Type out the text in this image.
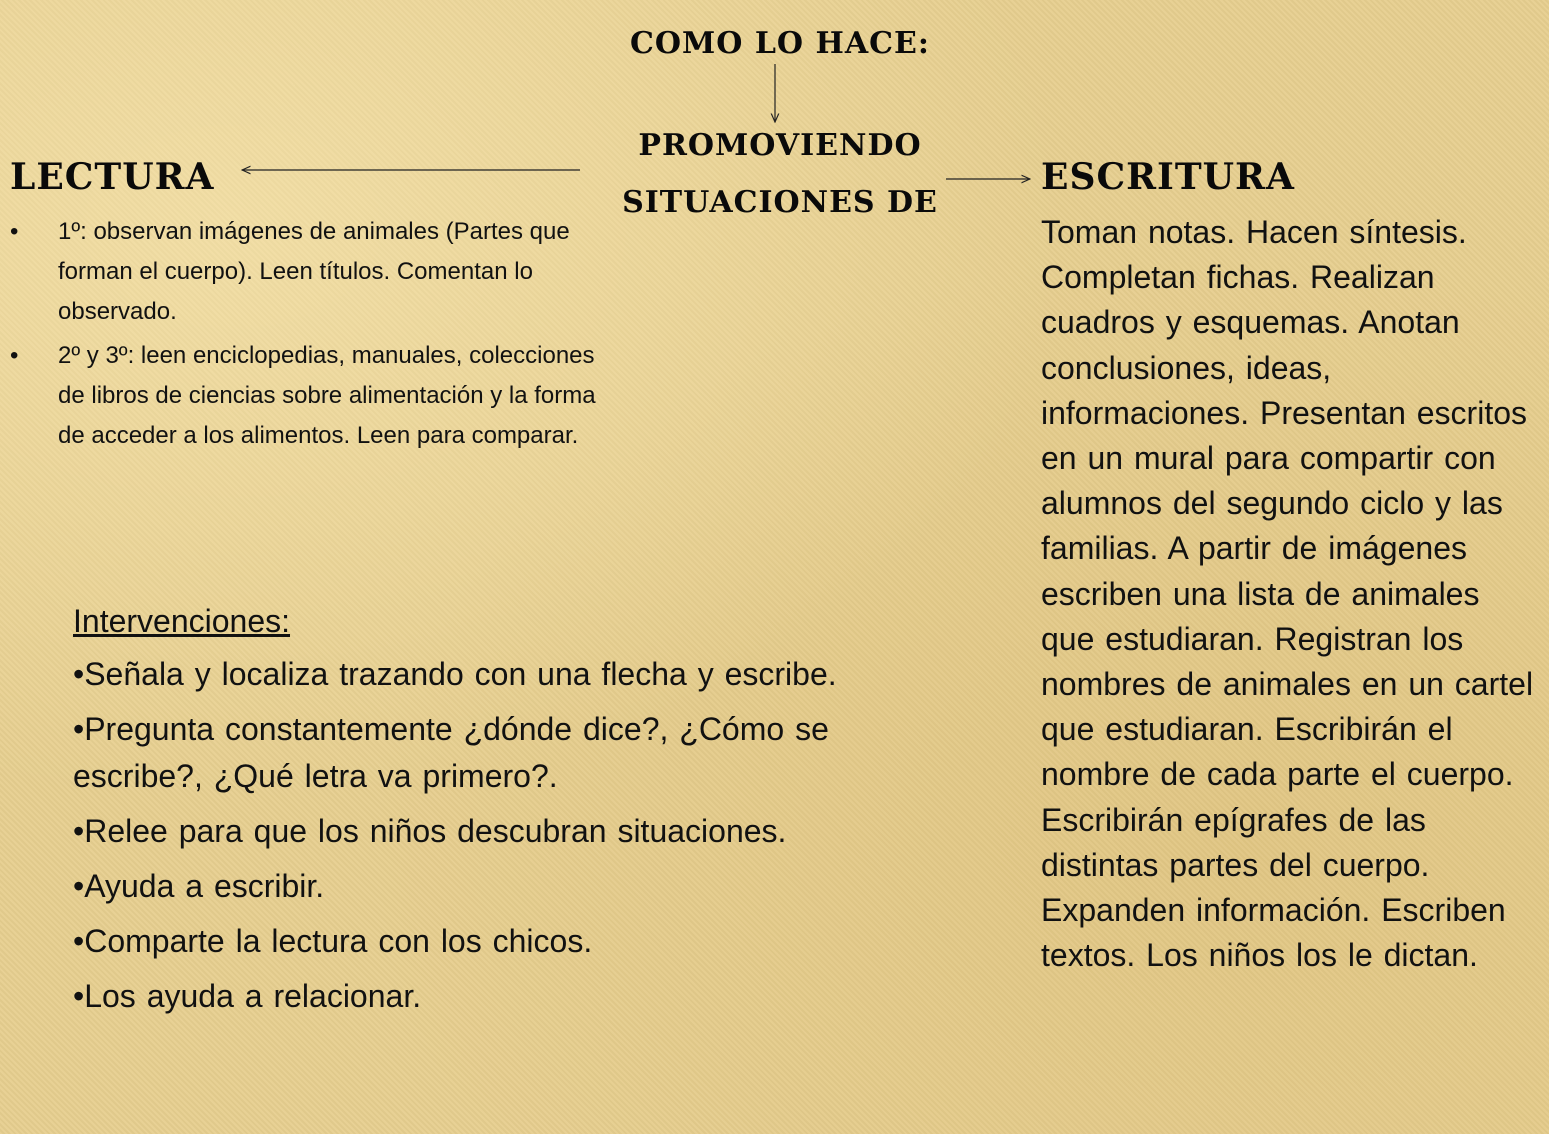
COMO LO HACE:
PROMOVIENDO
SITUACIONES DE
LECTURA
• 1º: observan imágenes de animales (Partes que forman el cuerpo). Leen títulos. Comentan lo observado.
• 2º y 3º: leen enciclopedias, manuales, colecciones de libros de ciencias sobre alimentación y la forma de acceder a los alimentos. Leen para comparar.
ESCRITURA
Toman notas. Hacen síntesis. Completan fichas. Realizan cuadros y esquemas. Anotan conclusiones, ideas, informaciones. Presentan escritos en un mural para compartir con alumnos del segundo ciclo y las familias. A partir de imágenes escriben una lista de animales que estudiaran. Registran los nombres de animales en un cartel que estudiaran. Escribirán el nombre de cada parte el cuerpo. Escribirán epígrafes de las distintas partes del cuerpo. Expanden información. Escriben textos. Los niños los le dictan.
Intervenciones:
•Señala y localiza trazando con una flecha y escribe.
•Pregunta constantemente ¿dónde dice?, ¿Cómo se escribe?, ¿Qué letra va primero?.
•Relee para que los niños descubran situaciones.
•Ayuda a escribir.
•Comparte la lectura con los chicos.
•Los ayuda a relacionar.
